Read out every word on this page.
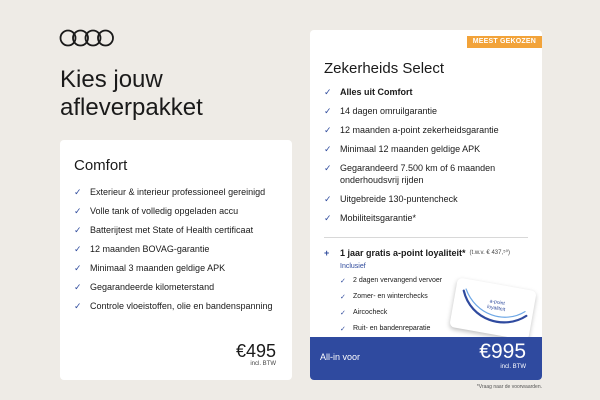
Kies jouw
afleverpakket
Comfort
✓ Exterieur & interieur professioneel gereinigd
✓ Volle tank of volledig opgeladen accu
✓ Batterijtest met State of Health certificaat
✓ 12 maanden BOVAG-garantie
✓ Minimaal 3 maanden geldige APK
✓ Gegarandeerde kilometerstand
✓ Controle vloeistoffen, olie en bandenspanning
€495
incl. BTW
MEEST GEKOZEN
Zekerheids Select
✓ Alles uit Comfort
✓ 14 dagen omruilgarantie
✓ 12 maanden a-point zekerheidsgarantie
✓ Minimaal 12 maanden geldige APK
✓ Gegarandeerd 7.500 km of 6 maanden onderhoudsvrij rijden
✓ Uitgebreide 130-puntencheck
✓ Mobiliteitsgarantie*
+	1 jaar gratis a-point loyaliteit* (t.w.v. € 437,⁵⁰)
Inclusief
✓	2 dagen vervangend vervoer
✓	Zomer- en winterchecks
✓	Aircocheck
✓	Ruit- en bandenreparatie
a-point loyaliteit
All-in voor	€995
incl. BTW
*Vraag naar de voorwaarden.
